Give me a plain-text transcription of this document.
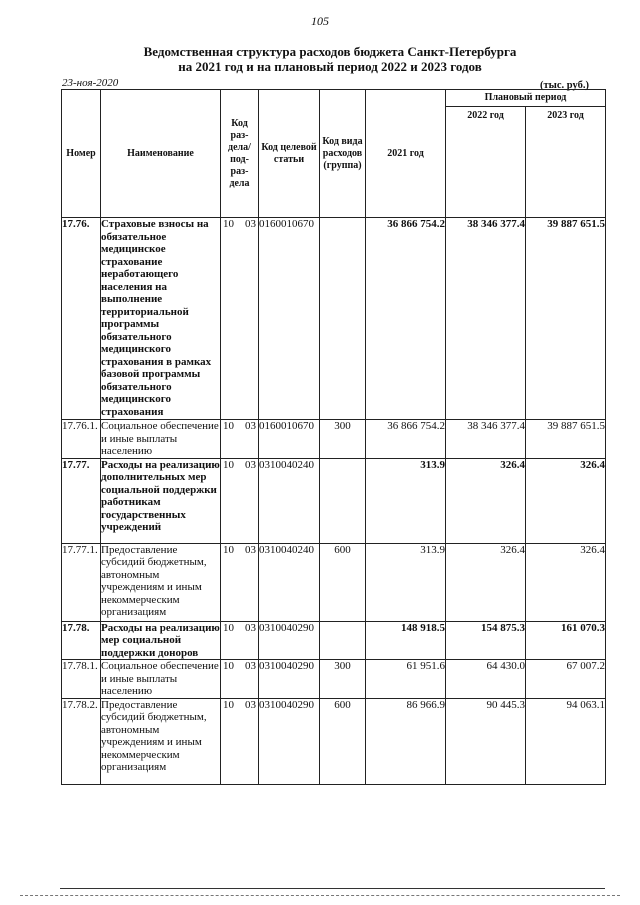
105
Ведомственная структура расходов бюджета Санкт-Петербурга
на 2021 год и на плановый период 2022 и 2023 годов
23-ноя-2020	(тыс. руб.)
Номер	Наименование	Код раз-дела/ под-раз-дела	Код целевой статьи	Код вида расходов (группа)	2021 год	Плановый период	
						2022 год	2023 год
17.76.	Страховые взносы на обязательное медицинское страхование неработающего населения на выполнение территориальной программы обязательного медицинского страхования в рамках базовой программы обязательного медицинского страхования	10 03	0160010670		36 866 754.2	38 346 377.4	39 887 651.5
17.76.1.	Социальное обеспечение и иные выплаты населению	10 03	0160010670	300	36 866 754.2	38 346 377.4	39 887 651.5
17.77.	Расходы на реализацию дополнительных мер социальной поддержки работникам государственных учреждений	10 03	0310040240		313.9	326.4	326.4
17.77.1.	Предоставление субсидий бюджетным, автономным учреждениям и иным некоммерческим организациям	10 03	0310040240	600	313.9	326.4	326.4
17.78.	Расходы на реализацию мер социальной поддержки доноров	10 03	0310040290		148 918.5	154 875.3	161 070.3
17.78.1.	Социальное обеспечение и иные выплаты населению	10 03	0310040290	300	61 951.6	64 430.0	67 007.2
17.78.2.	Предоставление субсидий бюджетным, автономным учреждениям и иным некоммерческим организациям	10 03	0310040290	600	86 966.9	90 445.3	94 063.1
